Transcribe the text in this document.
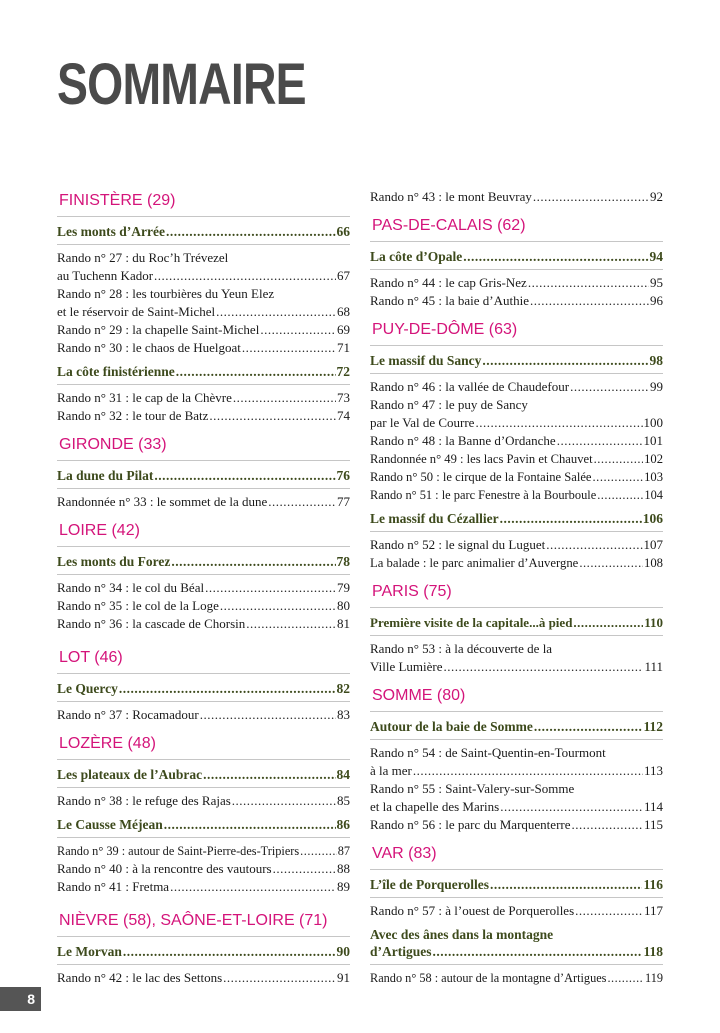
SOMMAIRE
FINISTÈRE (29)
Les monts d’Arrée .....	66
Rando n° 27 : du Roc’h Trévezel
au Tuchenn Kador .....	67
Rando n° 28 : les tourbières du Yeun Elez
et le réservoir de Saint-Michel .....	68
Rando n° 29 : la chapelle Saint-Michel .....	69
Rando n° 30 : le chaos de Huelgoat .....	71
La côte finistérienne .....	72
Rando n° 31 : le cap de la Chèvre .....	73
Rando n° 32 : le tour de Batz .....	74
GIRONDE (33)
La dune du Pilat .....	76
Randonnée n° 33 : le sommet de la dune .....	77
LOIRE (42)
Les monts du Forez .....	78
Rando n° 34 : le col du Béal .....	79
Rando n° 35 : le col de la Loge .....	80
Rando n° 36 : la cascade de Chorsin .....	81
LOT (46)
Le Quercy .....	82
Rando n° 37 : Rocamadour .....	83
LOZÈRE (48)
Les plateaux de l’Aubrac .....	84
Rando n° 38 : le refuge des Rajas .....	85
Le Causse Méjean .....	86
Rando n° 39 : autour de Saint-Pierre-des-Tripiers .....	87
Rando n° 40 : à la rencontre des vautours .....	88
Rando n° 41 : Fretma .....	89
NIÈVRE (58), SAÔNE-ET-LOIRE (71)
Le Morvan .....	90
Rando n° 42 : le lac des Settons .....	91
Rando n° 43 : le mont Beuvray .....	92
PAS-DE-CALAIS (62)
La côte d’Opale .....	94
Rando n° 44 : le cap Gris-Nez .....	95
Rando n° 45 : la baie d’Authie .....	96
PUY-DE-DÔME (63)
Le massif du Sancy .....	98
Rando n° 46 : la vallée de Chaudefour .....	99
Rando n° 47 : le puy de Sancy
par le Val de Courre .....	100
Rando n° 48 : la Banne d’Ordanche .....	101
Randonnée n° 49 : les lacs Pavin et Chauvet .....	102
Rando n° 50 : le cirque de la Fontaine Salée .....	103
Rando n° 51 : le parc Fenestre à la Bourboule .....	104
Le massif du Cézallier .....	106
Rando n° 52 : le signal du Luguet .....	107
La balade : le parc animalier d’Auvergne .....	108
PARIS (75)
Première visite de la capitale...à pied .....	110
Rando n° 53 : à la découverte de la
Ville Lumière .....	111
SOMME (80)
Autour de la baie de Somme .....	112
Rando n° 54 : de Saint-Quentin-en-Tourmont
à la mer .....	113
Rando n° 55 : Saint-Valery-sur-Somme
et la chapelle des Marins .....	114
Rando n° 56 : le parc du Marquenterre .....	115
VAR (83)
L’île de Porquerolles .....	116
Rando n° 57 : à l’ouest de Porquerolles .....	117
Avec des ânes dans la montagne
d’Artigues .....	118
Rando n° 58 : autour de la montagne d’Artigues .....	119
8
